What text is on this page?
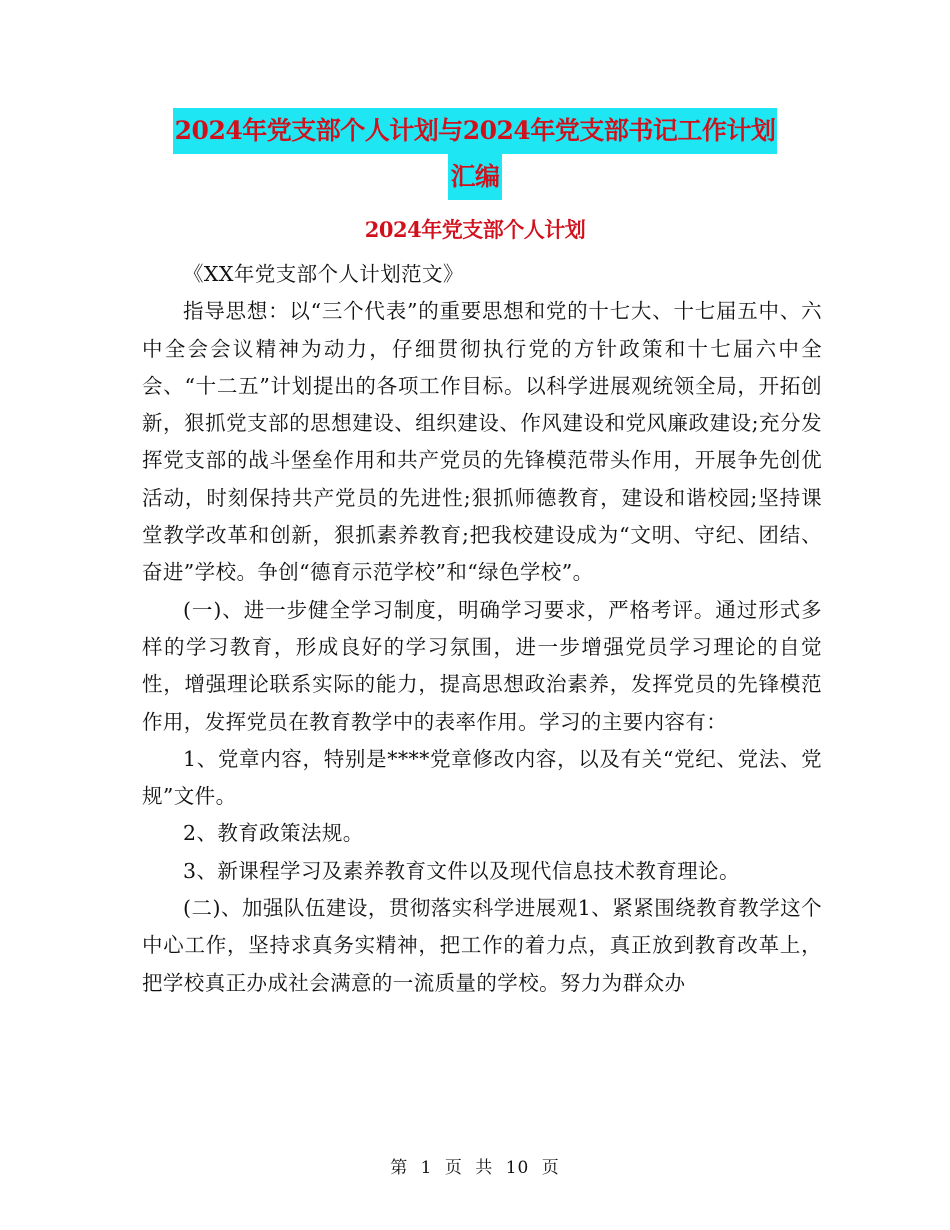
2024年党支部个人计划与2024年党支部书记工作计划
汇编
2024年党支部个人计划

《XX年党支部个人计划范文》

指导思想：以“三个代表”的重要思想和党的十七大、十七届五中、六中全会会议精神为动力，仔细贯彻执行党的方针政策和十七届六中全会、“十二五”计划提出的各项工作目标。以科学进展观统领全局，开拓创新，狠抓党支部的思想建设、组织建设、作风建设和党风廉政建设;充分发挥党支部的战斗堡垒作用和共产党员的先锋模范带头作用，开展争先创优活动，时刻保持共产党员的先进性;狠抓师德教育，建设和谐校园;坚持课堂教学改革和创新，狠抓素养教育;把我校建设成为“文明、守纪、团结、奋进”学校。争创“德育示范学校”和“绿色学校”。

(一)、进一步健全学习制度，明确学习要求，严格考评。通过形式多样的学习教育，形成良好的学习氛围，进一步增强党员学习理论的自觉性，增强理论联系实际的能力，提高思想政治素养，发挥党员的先锋模范作用，发挥党员在教育教学中的表率作用。学习的主要内容有：

1、党章内容，特别是****党章修改内容，以及有关“党纪、党法、党规”文件。

2、教育政策法规。

3、新课程学习及素养教育文件以及现代信息技术教育理论。

(二)、加强队伍建设，贯彻落实科学进展观1、紧紧围绕教育教学这个中心工作，坚持求真务实精神，把工作的着力点，真正放到教育改革上，把学校真正办成社会满意的一流质量的学校。努力为群众办

第 1 页 共 10 页
